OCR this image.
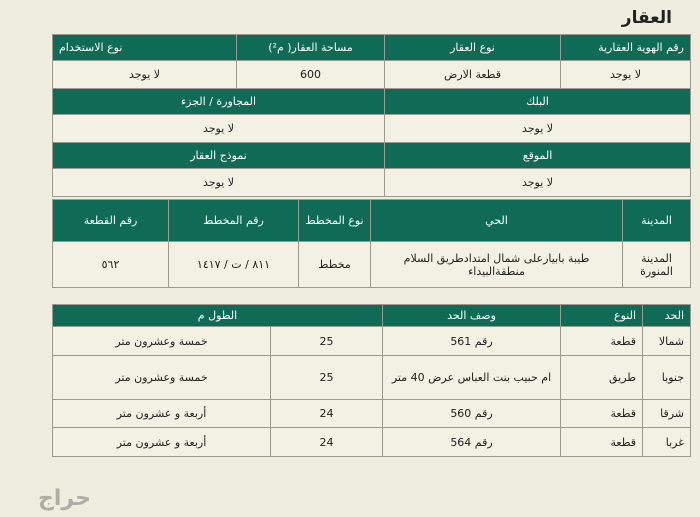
العقار
رقم الهوية العقارية	نوع العقار	مساحة العقار( م²)	نوع الاستخدام
لا يوجد	قطعة الارض	600	لا يوجد
البلك		المجاورة / الجزء	
لا يوجد		لا يوجد	
الموقع		نموذج العقار	
لا يوجد		لا يوجد	
المدينة	الحي	نوع المخطط	رقم المخطط	رقم القطعة
المدينة المنورة	طيبة بابيارعلى شمال امتدادطريق السلام منطقةالبيداء	مخطط	٨١١ / ت / ١٤١٧	٥٦٢
الحد	النوع	وصف الحد	الطول م	
شمالا	قطعة	رقم 561	25	خمسة وعشرون متر
جنوبا	طريق	ام حبيب بنت العباس عرض 40 متر	25	خمسة وعشرون متر
شرقا	قطعة	رقم 560	24	أربعة و عشرون متر
غربا	قطعة	رقم 564	24	أربعة و عشرون متر
حراج
